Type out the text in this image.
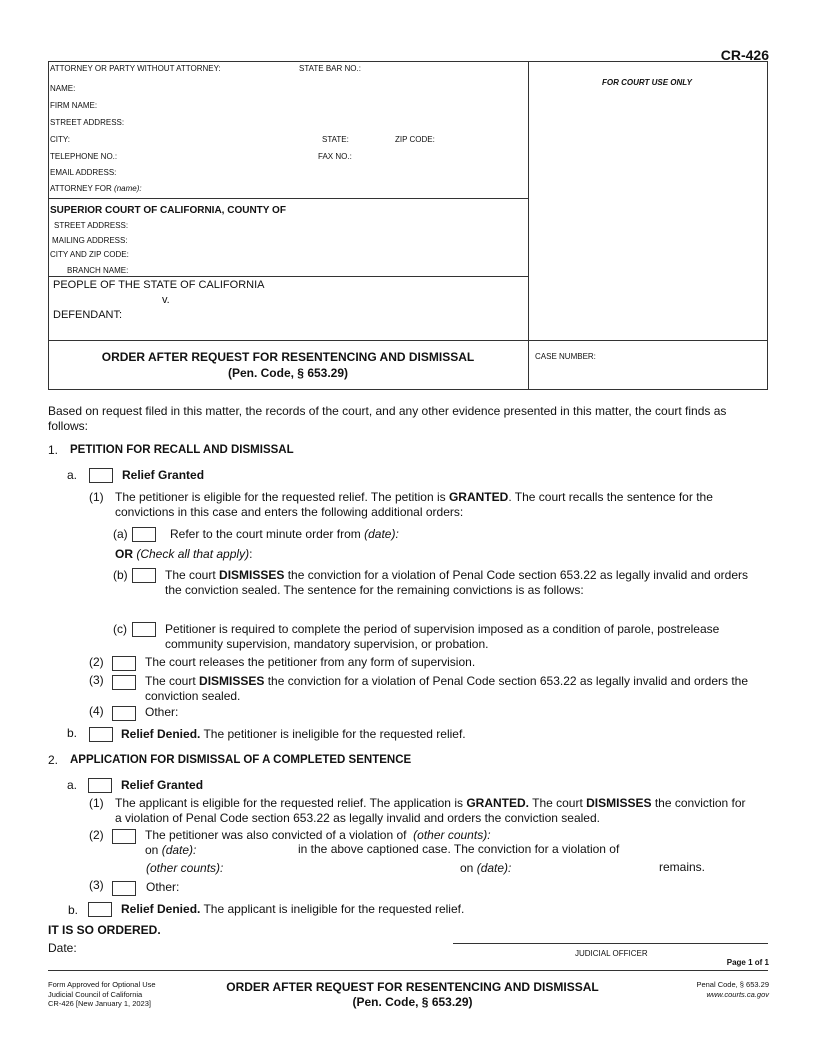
CR-426
ATTORNEY OR PARTY WITHOUT ATTORNEY:	STATE BAR NO.:
NAME:
FIRM NAME:
STREET ADDRESS:
CITY:	STATE:	ZIP CODE:
TELEPHONE NO.:	FAX NO.:
EMAIL ADDRESS:
ATTORNEY FOR (name):
FOR COURT USE ONLY
SUPERIOR COURT OF CALIFORNIA, COUNTY OF
STREET ADDRESS:
MAILING ADDRESS:
CITY AND ZIP CODE:
BRANCH NAME:
PEOPLE OF THE STATE OF CALIFORNIA
v.
DEFENDANT:
ORDER AFTER REQUEST FOR RESENTENCING AND DISMISSAL
(Pen. Code, § 653.29)
CASE NUMBER:
Based on request filed in this matter, the records of the court, and any other evidence presented in this matter, the court finds as follows:
1. PETITION FOR RECALL AND DISMISSAL
a.	Relief Granted
(1) The petitioner is eligible for the requested relief. The petition is GRANTED. The court recalls the sentence for the convictions in this case and enters the following additional orders:
(a)	Refer to the court minute order from (date):
OR (Check all that apply):
(b)	The court DISMISSES the conviction for a violation of Penal Code section 653.22 as legally invalid and orders the conviction sealed. The sentence for the remaining convictions is as follows:
(c)	Petitioner is required to complete the period of supervision imposed as a condition of parole, postrelease community supervision, mandatory supervision, or probation.
(2)	The court releases the petitioner from any form of supervision.
(3)	The court DISMISSES the conviction for a violation of Penal Code section 653.22 as legally invalid and orders the conviction sealed.
(4)	Other:
b.	Relief Denied. The petitioner is ineligible for the requested relief.
2. APPLICATION FOR DISMISSAL OF A COMPLETED SENTENCE
a.	Relief Granted
(1) The applicant is eligible for the requested relief. The application is GRANTED. The court DISMISSES the conviction for a violation of Penal Code section 653.22 as legally invalid and orders the conviction sealed.
(2)	The petitioner was also convicted of a violation of (other counts):
on (date):	in the above captioned case. The conviction for a violation of
(other counts):	on (date):	remains.
(3)	Other:
b.	Relief Denied. The applicant is ineligible for the requested relief.
IT IS SO ORDERED.
Date:	JUDICIAL OFFICER
Page 1 of 1
Form Approved for Optional Use
Judicial Council of California
CR-426 [New January 1, 2023]
ORDER AFTER REQUEST FOR RESENTENCING AND DISMISSAL
(Pen. Code, § 653.29)
Penal Code, § 653.29
www.courts.ca.gov
